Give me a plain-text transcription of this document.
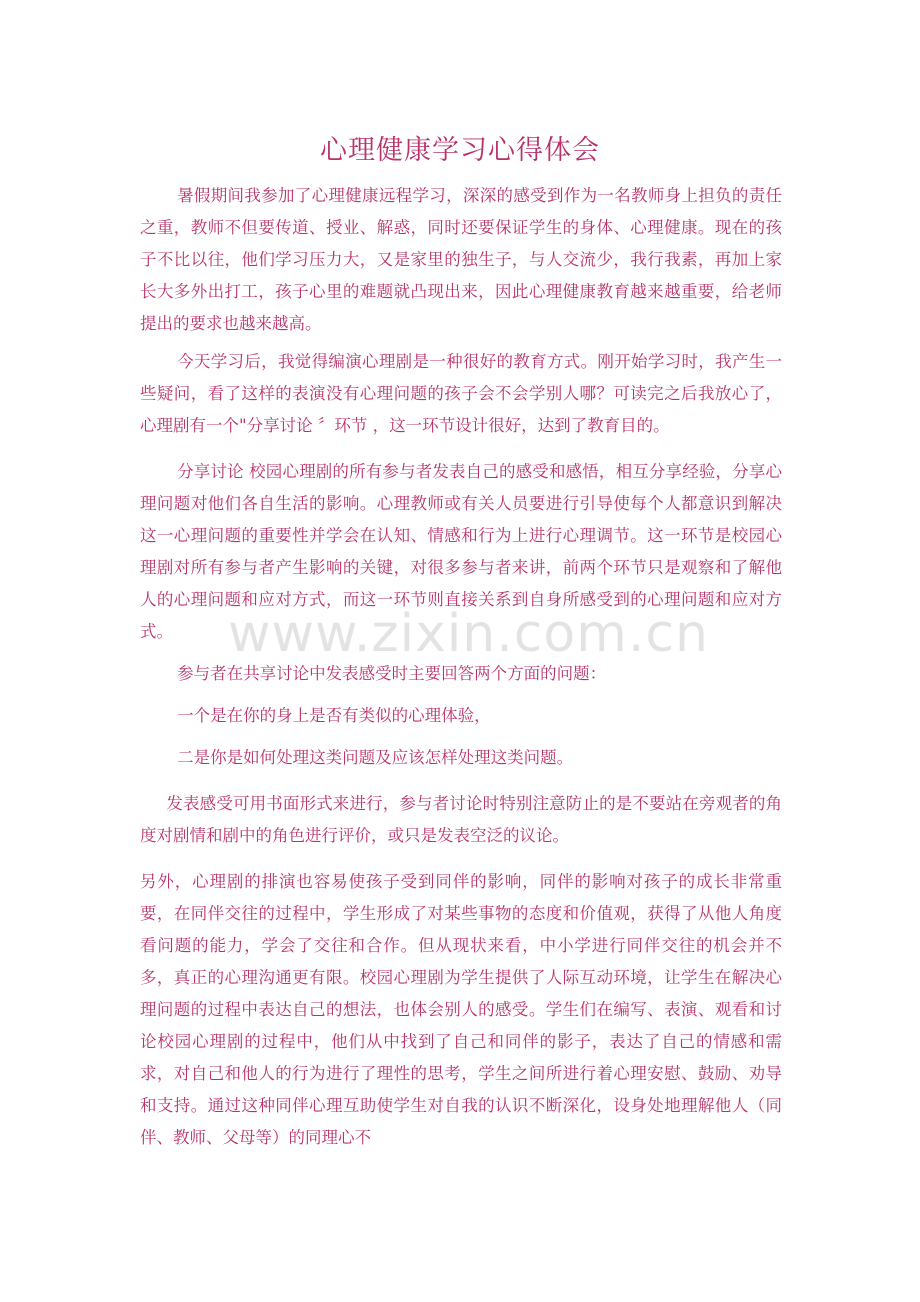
心理健康学习心得体会

暑假期间我参加了心理健康远程学习，深深的感受到作为一名教师身上担负的责任之重，教师不但要传道、授业、解惑，同时还要保证学生的身体、心理健康。现在的孩子不比以往，他们学习压力大，又是家里的独生子，与人交流少，我行我素，再加上家长大多外出打工，孩子心里的难题就凸现出来，因此心理健康教育越来越重要，给老师提出的要求也越来越高。

今天学习后，我觉得编演心理剧是一种很好的教育方式。刚开始学习时，我产生一些疑问，看了这样的表演没有心理问题的孩子会不会学别人哪？可读完之后我放心了，心理剧有一个"分享讨论 〞环节 ，这一环节设计很好，达到了教育目的。

分享讨论 校园心理剧的所有参与者发表自己的感受和感悟，相互分享经验，分享心理问题对他们各自生活的影响。心理教师或有关人员要进行引导使每个人都意识到解决这一心理问题的重要性并学会在认知、情感和行为上进行心理调节。这一环节是校园心理剧对所有参与者产生影响的关键，对很多参与者来讲，前两个环节只是观察和了解他人的心理问题和应对方式，而这一环节则直接关系到自身所感受到的心理问题和应对方式。

参与者在共享讨论中发表感受时主要回答两个方面的问题：

一个是在你的身上是否有类似的心理体验，

二是你是如何处理这类问题及应该怎样处理这类问题。

发表感受可用书面形式来进行，参与者讨论时特别注意防止的是不要站在旁观者的角度对剧情和剧中的角色进行评价，或只是发表空泛的议论。

另外，心理剧的排演也容易使孩子受到同伴的影响，同伴的影响对孩子的成长非常重要，在同伴交往的过程中，学生形成了对某些事物的态度和价值观，获得了从他人角度看问题的能力，学会了交往和合作。但从现状来看，中小学进行同伴交往的机会并不多，真正的心理沟通更有限。校园心理剧为学生提供了人际互动环境，让学生在解决心理问题的过程中表达自己的想法，也体会别人的感受。学生们在编写、表演、观看和讨论校园心理剧的过程中，他们从中找到了自己和同伴的影子，表达了自己的情感和需求，对自己和他人的行为进行了理性的思考，学生之间所进行着心理安慰、鼓励、劝导和支持。通过这种同伴心理互助使学生对自我的认识不断深化，设身处地理解他人（同伴、教师、父母等）的同理心不

www.zixin.com.cn
